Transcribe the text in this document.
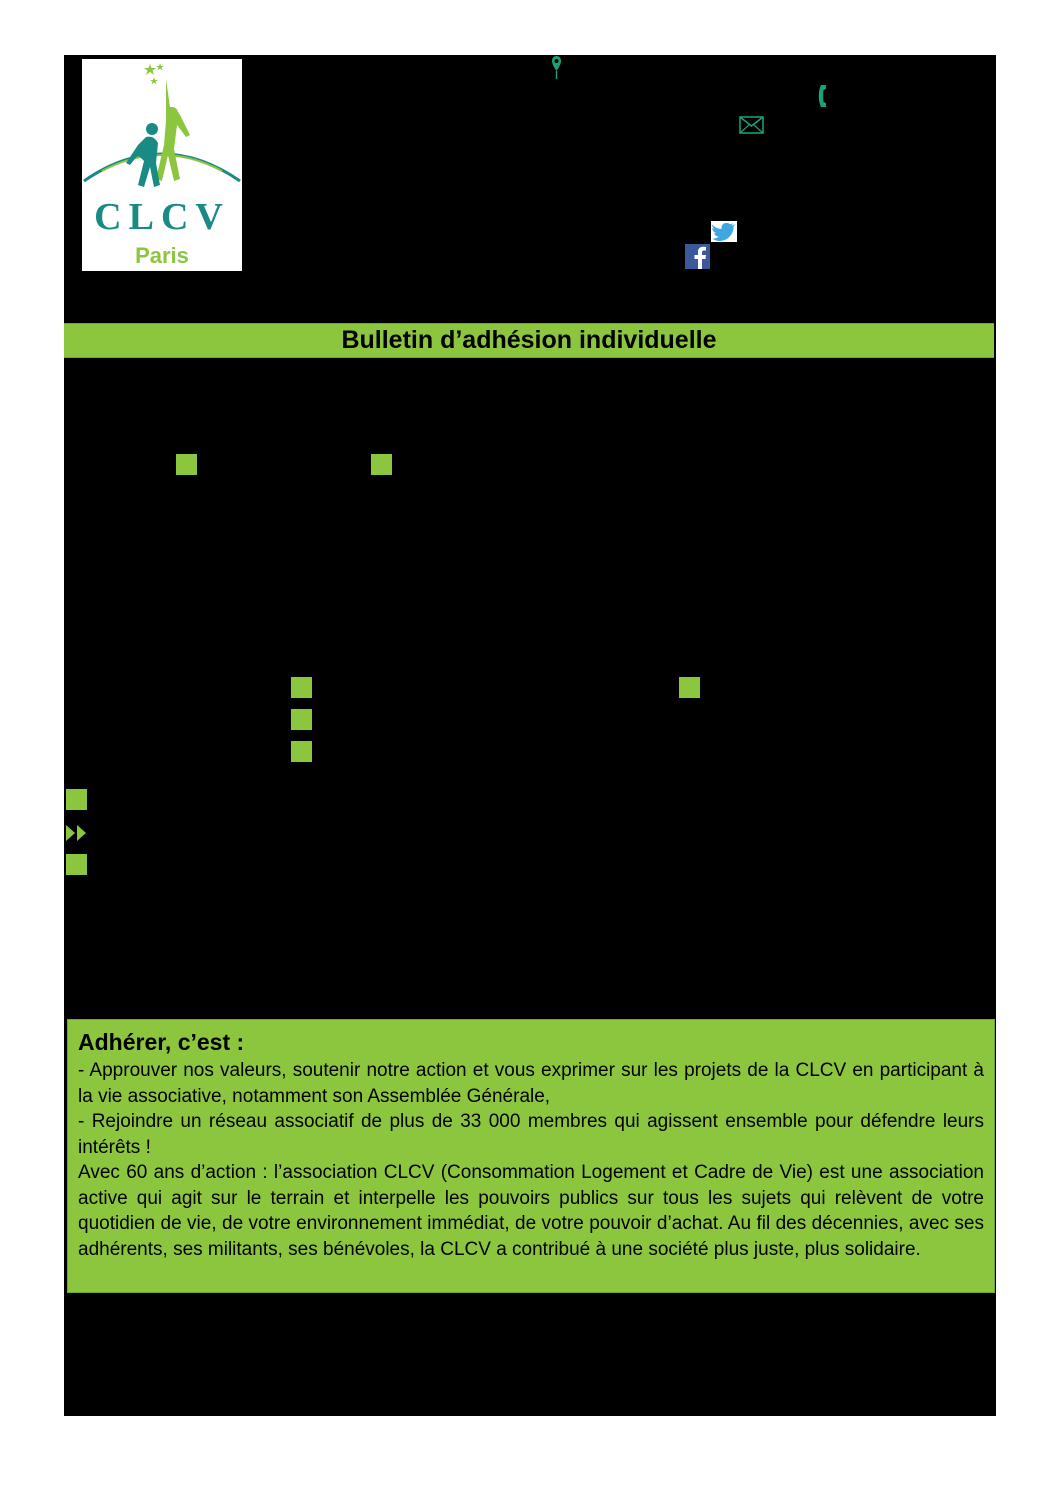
CLCV
Paris
Bulletin d’adhésion individuelle

Adhérer, c’est :

- Approuver nos valeurs, soutenir notre action et vous exprimer sur les projets de la CLCV en participant à la vie associative, notamment son Assemblée Générale,

- Rejoindre un réseau associatif de plus de 33 000 membres qui agissent ensemble pour défendre leurs intérêts !

Avec 60 ans d’action : l’association CLCV (Consommation Logement et Cadre de Vie) est une association active qui agit sur le terrain et interpelle les pouvoirs publics sur tous les sujets qui relèvent de votre quotidien de vie, de votre environnement immédiat, de votre pouvoir d’achat. Au fil des décennies, avec ses adhérents, ses militants, ses bénévoles, la CLCV a contribué à une société plus juste, plus solidaire.
